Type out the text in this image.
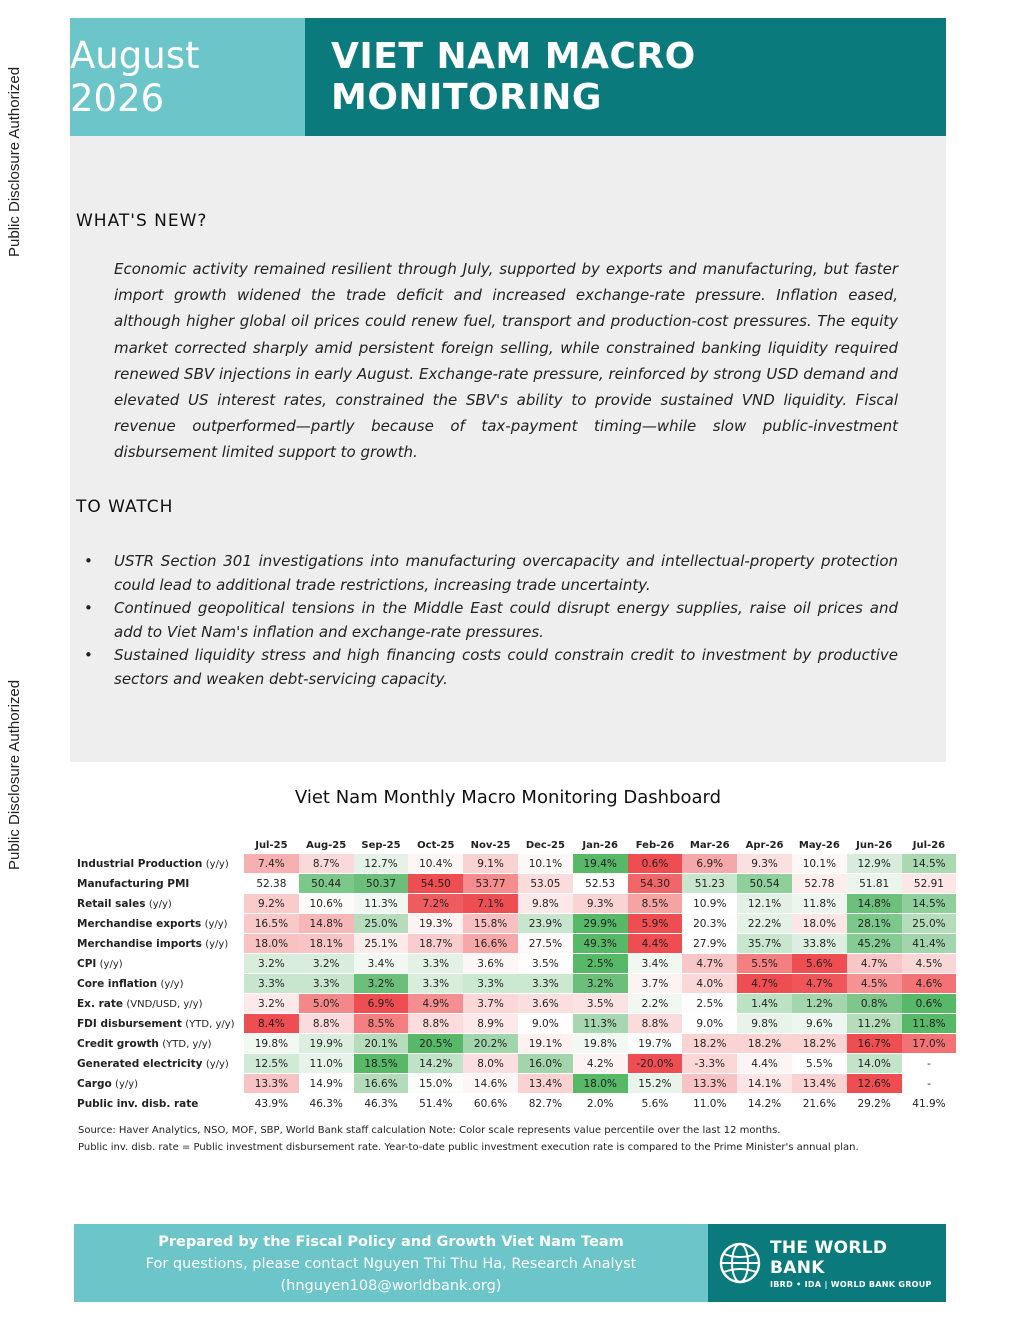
Public Disclosure Authorized
Public Disclosure Authorized
August 2026
VIET NAM MACRO MONITORING
WHAT'S NEW?
Economic activity remained resilient through July, supported by exports and manufacturing, but faster import growth widened the trade deficit and increased exchange-rate pressure. Inflation eased, although higher global oil prices could renew fuel, transport and production-cost pressures. The equity market corrected sharply amid persistent foreign selling, while constrained banking liquidity required renewed SBV injections in early August. Exchange-rate pressure, reinforced by strong USD demand and elevated US interest rates, constrained the SBV's ability to provide sustained VND liquidity. Fiscal revenue outperformed—partly because of tax-payment timing—while slow public-investment disbursement limited support to growth.
TO WATCH
• USTR Section 301 investigations into manufacturing overcapacity and intellectual-property protection could lead to additional trade restrictions, increasing trade uncertainty.
• Continued geopolitical tensions in the Middle East could disrupt energy supplies, raise oil prices and add to Viet Nam's inflation and exchange-rate pressures.
• Sustained liquidity stress and high financing costs could constrain credit to investment by productive sectors and weaken debt-servicing capacity.
Viet Nam Monthly Macro Monitoring Dashboard
	Jul-25	Aug-25	Sep-25	Oct-25	Nov-25	Dec-25	Jan-26	Feb-26	Mar-26	Apr-26	May-26	Jun-26	Jul-26
Industrial Production (y/y)	7.4%	8.7%	12.7%	10.4%	9.1%	10.1%	19.4%	0.6%	6.9%	9.3%	10.1%	12.9%	14.5%
Manufacturing PMI	52.38	50.44	50.37	54.50	53.77	53.05	52.53	54.30	51.23	50.54	52.78	51.81	52.91
Retail sales (y/y)	9.2%	10.6%	11.3%	7.2%	7.1%	9.8%	9.3%	8.5%	10.9%	12.1%	11.8%	14.8%	14.5%
Merchandise exports (y/y)	16.5%	14.8%	25.0%	19.3%	15.8%	23.9%	29.9%	5.9%	20.3%	22.2%	18.0%	28.1%	25.0%
Merchandise imports (y/y)	18.0%	18.1%	25.1%	18.7%	16.6%	27.5%	49.3%	4.4%	27.9%	35.7%	33.8%	45.2%	41.4%
CPI (y/y)	3.2%	3.2%	3.4%	3.3%	3.6%	3.5%	2.5%	3.4%	4.7%	5.5%	5.6%	4.7%	4.5%
Core inflation (y/y)	3.3%	3.3%	3.2%	3.3%	3.3%	3.3%	3.2%	3.7%	4.0%	4.7%	4.7%	4.5%	4.6%
Ex. rate (VND/USD, y/y)	3.2%	5.0%	6.9%	4.9%	3.7%	3.6%	3.5%	2.2%	2.5%	1.4%	1.2%	0.8%	0.6%
FDI disbursement (YTD, y/y)	8.4%	8.8%	8.5%	8.8%	8.9%	9.0%	11.3%	8.8%	9.0%	9.8%	9.6%	11.2%	11.8%
Credit growth (YTD, y/y)	19.8%	19.9%	20.1%	20.5%	20.2%	19.1%	19.8%	19.7%	18.2%	18.2%	18.2%	16.7%	17.0%
Generated electricity (y/y)	12.5%	11.0%	18.5%	14.2%	8.0%	16.0%	4.2%	-20.0%	-3.3%	4.4%	5.5%	14.0%	-
Cargo (y/y)	13.3%	14.9%	16.6%	15.0%	14.6%	13.4%	18.0%	15.2%	13.3%	14.1%	13.4%	12.6%	-
Public inv. disb. rate	43.9%	46.3%	46.3%	51.4%	60.6%	82.7%	2.0%	5.6%	11.0%	14.2%	21.6%	29.2%	41.9%
Source: Haver Analytics, NSO, MOF, SBP, World Bank staff calculation Note: Color scale represents value percentile over the last 12 months.
Public inv. disb. rate = Public investment disbursement rate. Year-to-date public investment execution rate is compared to the Prime Minister's annual plan.
Prepared by the Fiscal Policy and Growth Viet Nam Team
For questions, please contact Nguyen Thi Thu Ha, Research Analyst
(hnguyen108@worldbank.org)
THE WORLD BANK
IBRD • IDA | WORLD BANK GROUP
